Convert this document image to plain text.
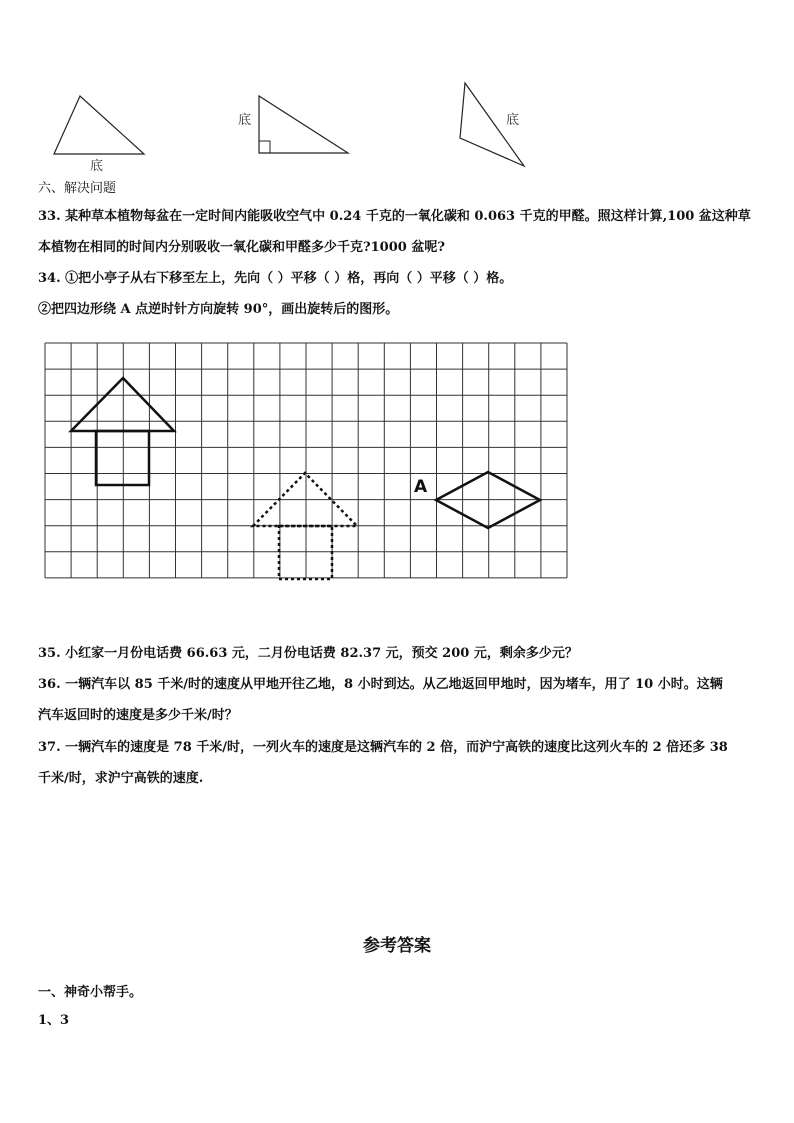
底
底	底
六、解决问题
33. 某种草本植物每盆在一定时间内能吸收空气中 0.24 千克的一氧化碳和 0.063 千克的甲醛。照这样计算,100 盆这种草
本植物在相同的时间内分别吸收一氧化碳和甲醛多少千克?1000 盆呢?
34. ①把小亭子从右下移至左上，先向（ ）平移（ ）格，再向（ ）平移（ ）格。
②把四边形绕 A 点逆时针方向旋转 90°，画出旋转后的图形。
A
35. 小红家一月份电话费 66.63 元，二月份电话费 82.37 元，预交 200 元，剩余多少元？
36. 一辆汽车以 85 千米/时的速度从甲地开往乙地，8 小时到达。从乙地返回甲地时，因为堵车，用了 10 小时。这辆
汽车返回时的速度是多少千米/时？
37. 一辆汽车的速度是 78 千米/时，一列火车的速度是这辆汽车的 2 倍，而沪宁高铁的速度比这列火车的 2 倍还多 38
千米/时，求沪宁高铁的速度.
参考答案
一、神奇小帮手。
1、3
